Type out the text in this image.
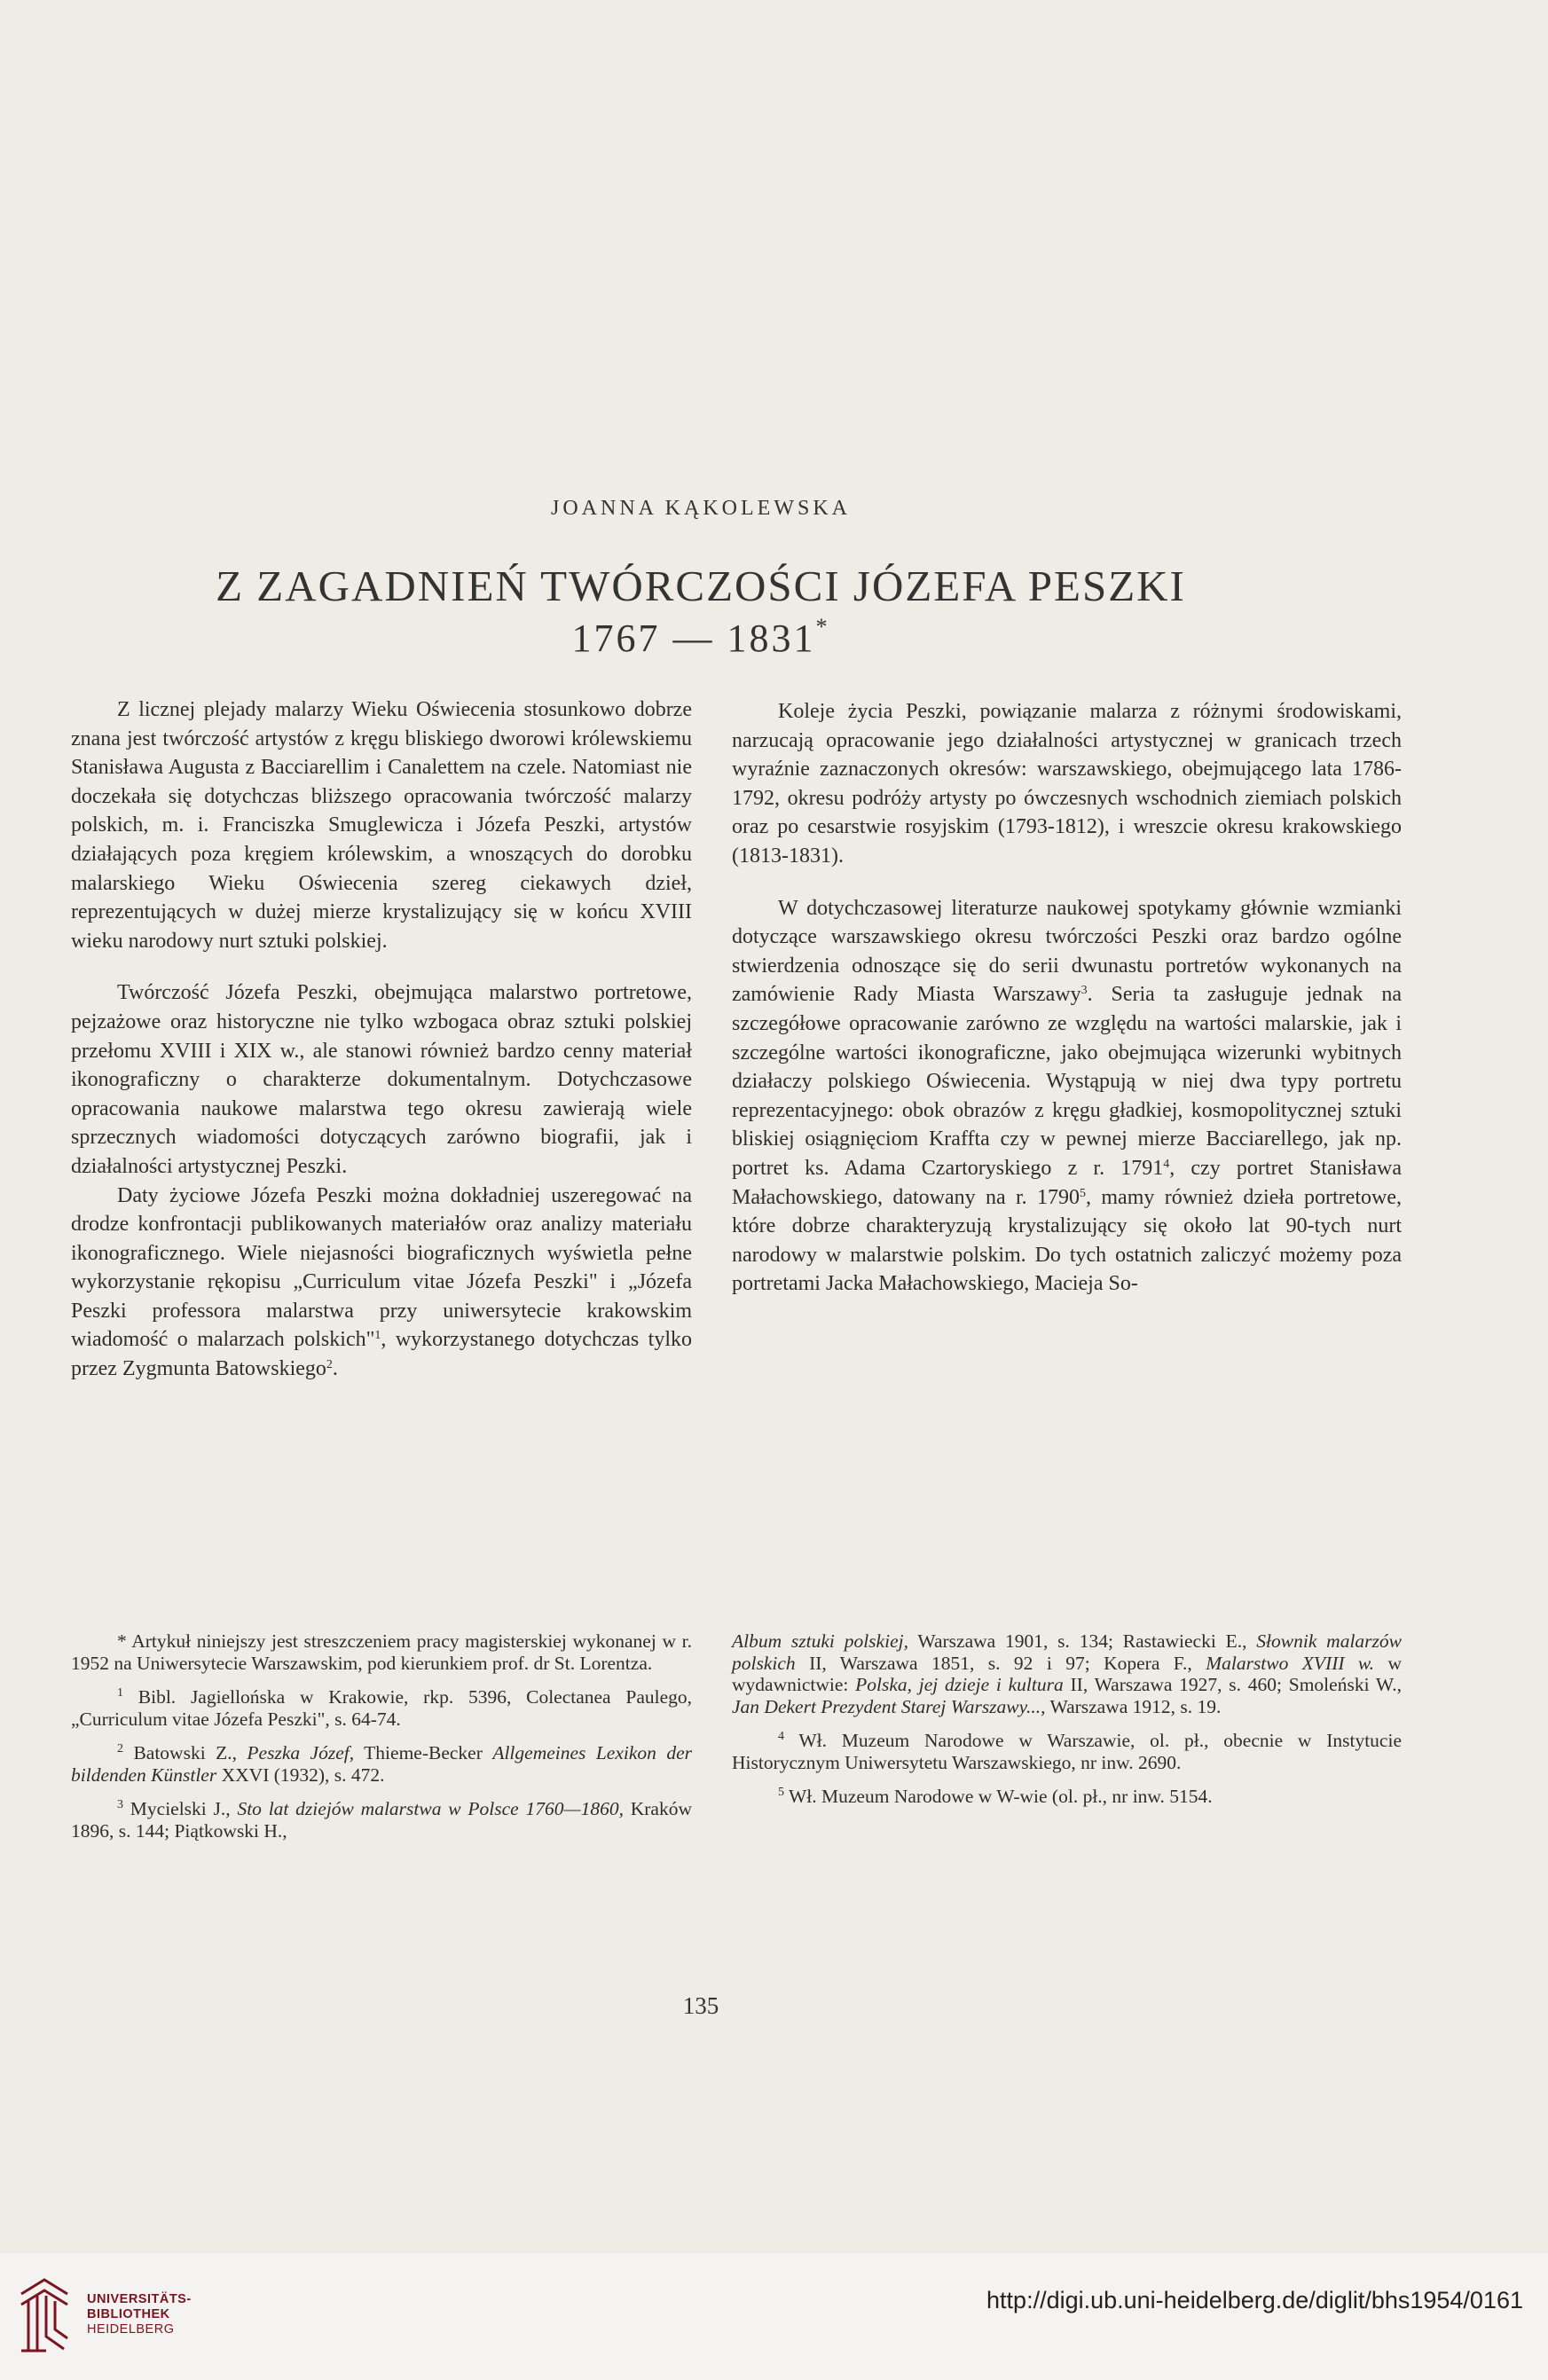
JOANNA KĄKOLEWSKA
Z ZAGADNIEŃ TWÓRCZOŚCI JÓZEFA PESZKI
1767 — 1831*

Z licznej plejady malarzy Wieku Oświecenia stosunkowo dobrze znana jest twórczość artystów z kręgu bliskiego dworowi królewskiemu Stanisława Augusta z Bacciarellim i Canalettem na czele. Natomiast nie doczekała się dotychczas bliższego opracowania twórczość malarzy polskich, m. i. Franciszka Smuglewicza i Józefa Peszki, artystów działających poza kręgiem królewskim, a wnoszących do dorobku malarskiego Wieku Oświecenia szereg ciekawych dzieł, reprezentujących w dużej mierze krystalizujący się w końcu XVIII wieku narodowy nurt sztuki polskiej.

Twórczość Józefa Peszki, obejmująca malarstwo portretowe, pejzażowe oraz historyczne nie tylko wzbogaca obraz sztuki polskiej przełomu XVIII i XIX w., ale stanowi również bardzo cenny materiał ikonograficzny o charakterze dokumentalnym. Dotychczasowe opracowania naukowe malarstwa tego okresu zawierają wiele sprzecznych wiadomości dotyczących zarówno biografii, jak i działalności artystycznej Peszki.

Daty życiowe Józefa Peszki można dokładniej uszeregować na drodze konfrontacji publikowanych materiałów oraz analizy materiału ikonograficznego. Wiele niejasności biograficznych wyświetla pełne wykorzystanie rękopisu „Curriculum vitae Józefa Peszki" i „Józefa Peszki professora malarstwa przy uniwersytecie krakowskim wiadomość o malarzach polskich"$^1$, wykorzystanego dotychczas tylko przez Zygmunta Batowskiego$^2$.

Koleje życia Peszki, powiązanie malarza z różnymi środowiskami, narzucają opracowanie jego działalności artystycznej w granicach trzech wyraźnie zaznaczonych okresów: warszawskiego, obejmującego lata 1786-1792, okresu podróży artysty po ówczesnych wschodnich ziemiach polskich oraz po cesarstwie rosyjskim (1793-1812), i wreszcie okresu krakowskiego (1813-1831).

W dotychczasowej literaturze naukowej spotykamy głównie wzmianki dotyczące warszawskiego okresu twórczości Peszki oraz bardzo ogólne stwierdzenia odnoszące się do serii dwunastu portretów wykonanych na zamówienie Rady Miasta Warszawy$^3$. Seria ta zasługuje jednak na szczegółowe opracowanie zarówno ze względu na wartości malarskie, jak i szczególne wartości ikonograficzne, jako obejmująca wizerunki wybitnych działaczy polskiego Oświecenia. Wystąpują w niej dwa typy portretu reprezentacyjnego: obok obrazów z kręgu gładkiej, kosmopolitycznej sztuki bliskiej osiągnięciom Kraffta czy w pewnej mierze Bacciarellego, jak np. portret ks. Adama Czartoryskiego z r. 1791$^4$, czy portret Stanisława Małachowskiego, datowany na r. 1790$^5$, mamy również dzieła portretowe, które dobrze charakteryzują krystalizujący się około lat 90-tych nurt narodowy w malarstwie polskim. Do tych ostatnich zaliczyć możemy poza portretami Jacka Małachowskiego, Macieja So-

* Artykuł niniejszy jest streszczeniem pracy magisterskiej wykonanej w r. 1952 na Uniwersytecie Warszawskim, pod kierunkiem prof. dr St. Lorentza.

$^1$ Bibl. Jagiellońska w Krakowie, rkp. 5396, Colectanea Paulego, „Curriculum vitae Józefa Peszki", s. 64-74.

$^2$ Batowski Z., Peszka Józef, Thieme-Becker Allgemeines Lexikon der bildenden Künstler XXVI (1932), s. 472.

$^3$ Mycielski J., Sto lat dziejów malarstwa w Polsce 1760—1860, Kraków 1896, s. 144; Piątkowski H.,

Album sztuki polskiej, Warszawa 1901, s. 134; Rastawiecki E., Słownik malarzów polskich II, Warszawa 1851, s. 92 i 97; Kopera F., Malarstwo XVIII w. w wydawnictwie: Polska, jej dzieje i kultura II, Warszawa 1927, s. 460; Smoleński W., Jan Dekert Prezydent Starej Warszawy..., Warszawa 1912, s. 19.

$^4$ Wł. Muzeum Narodowe w Warszawie, ol. pł., obecnie w Instytucie Historycznym Uniwersytetu Warszawskiego, nr inw. 2690.

$^5$ Wł. Muzeum Narodowe w W-wie (ol. pł., nr inw. 5154.

135
UNIVERSITÄTS-
BIBLIOTHEK
HEIDELBERG
http://digi.ub.uni-heidelberg.de/diglit/bhs1954/0161
